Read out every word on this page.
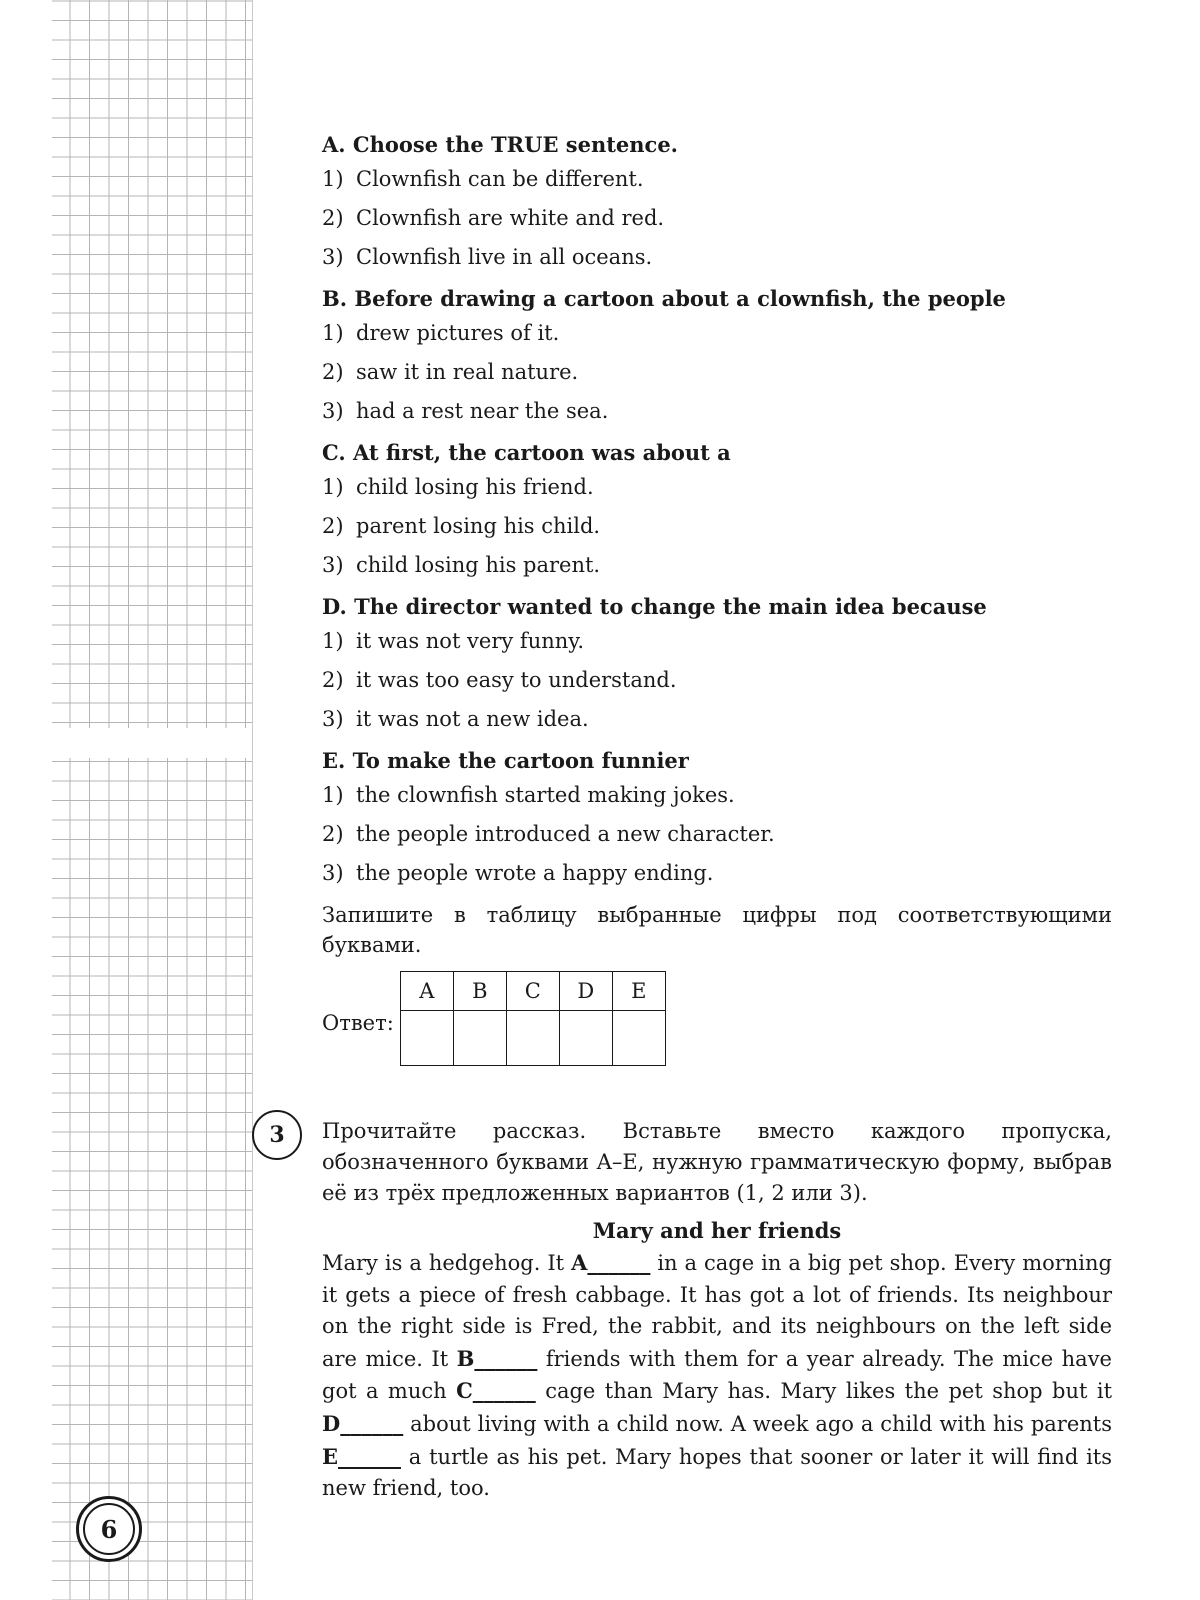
6
A. Choose the TRUE sentence.
1) Clownfish can be different.
2) Clownfish are white and red.
3) Clownfish live in all oceans.
B. Before drawing a cartoon about a clownfish, the people
1) drew pictures of it.
2) saw it in real nature.
3) had a rest near the sea.
C. At first, the cartoon was about a
1) child losing his friend.
2) parent losing his child.
3) child losing his parent.
D. The director wanted to change the main idea because
1) it was not very funny.
2) it was too easy to understand.
3) it was not a new idea.
E. To make the cartoon funnier
1) the clownfish started making jokes.
2) the people introduced a new character.
3) the people wrote a happy ending.
Запишите в таблицу выбранные цифры под соответствующими буквами.
Ответ:
A	B	C	D	E

3	Прочитайте рассказ. Вставьте вместо каждого пропуска, обозначенного буквами A–E, нужную грамматическую форму, выбрав её из трёх предложенных вариантов (1, 2 или 3).
Mary and her friends
Mary is a hedgehog. It A______ in a cage in a big pet shop. Every morning it gets a piece of fresh cabbage. It has got a lot of friends. Its neighbour on the right side is Fred, the rabbit, and its neighbours on the left side are mice. It B______ friends with them for a year already. The mice have got a much C______ cage than Mary has. Mary likes the pet shop but it D______ about living with a child now. A week ago a child with his parents E______ a turtle as his pet. Mary hopes that sooner or later it will find its new friend, too.
